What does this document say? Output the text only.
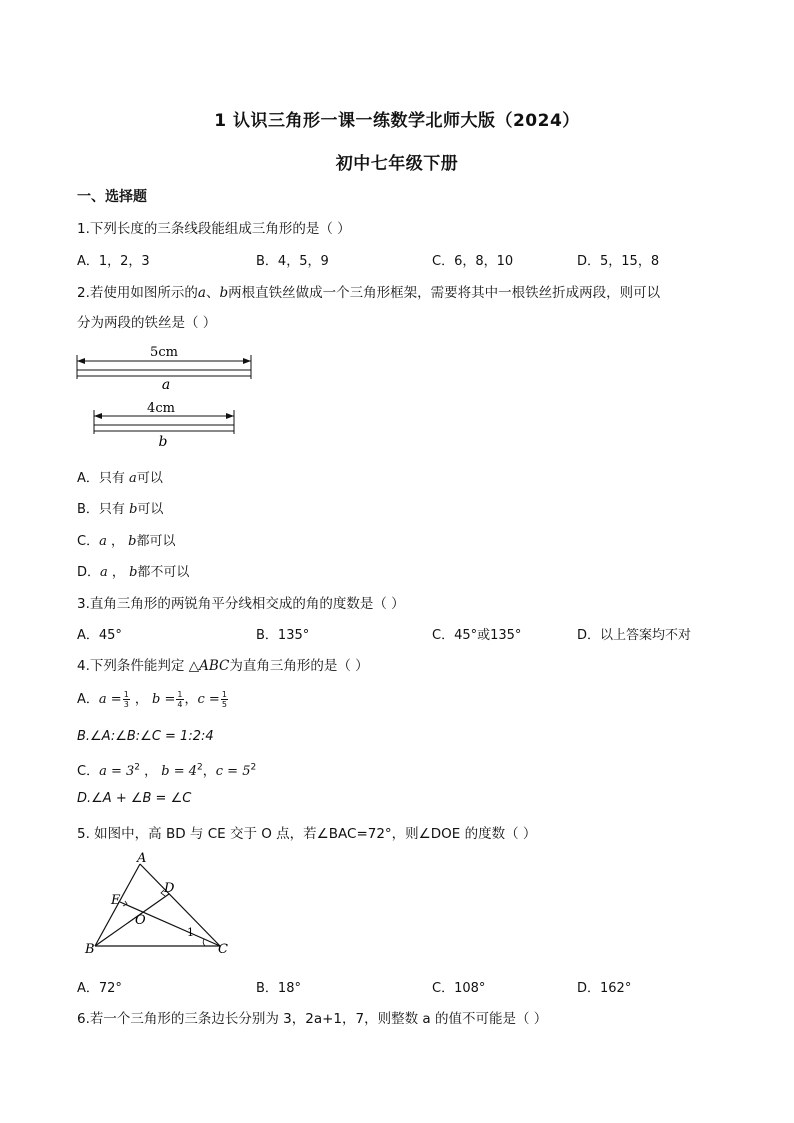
1 认识三角形一课一练数学北师大版（2024）
初中七年级下册
一、选择题
1.下列长度的三条线段能组成三角形的是（ ）
A．1，2，3	B．4，5，9	C．6，8，10	D．5，15，8
2.若使用如图所示的a、b两根直铁丝做成一个三角形框架，需要将其中一根铁丝折成两段，则可以
分为两段的铁丝是（ ）
5cm
a
4cm
b
A．只有 a可以
B．只有 b可以
C．a ， b都可以
D．a ， b都不可以
3.直角三角形的两锐角平分线相交成的角的度数是（ ）
A．45°	B．135°	C．45°或135°	D．以上答案均不对
4.下列条件能判定 △ABC为直角三角形的是（ ）
A．$a = \frac{1}{3}$ ， $b = \frac{1}{4}$ ，$c = \frac{1}{5}$
B.∠A:∠B:∠C = 1:2:4
C．$a = 3^2$ ， $b = 4^2$，$c = 5^2$
D.∠A + ∠B = ∠C
5. 如图中，高 BD 与 CE 交于 O 点，若∠BAC=72°，则∠DOE 的度数（ ）
A
B	C
D
E
O
1
A．72°	B．18°	C．108°	D．162°
6.若一个三角形的三条边长分别为 3，2a+1，7，则整数 a 的值不可能是（ ）
